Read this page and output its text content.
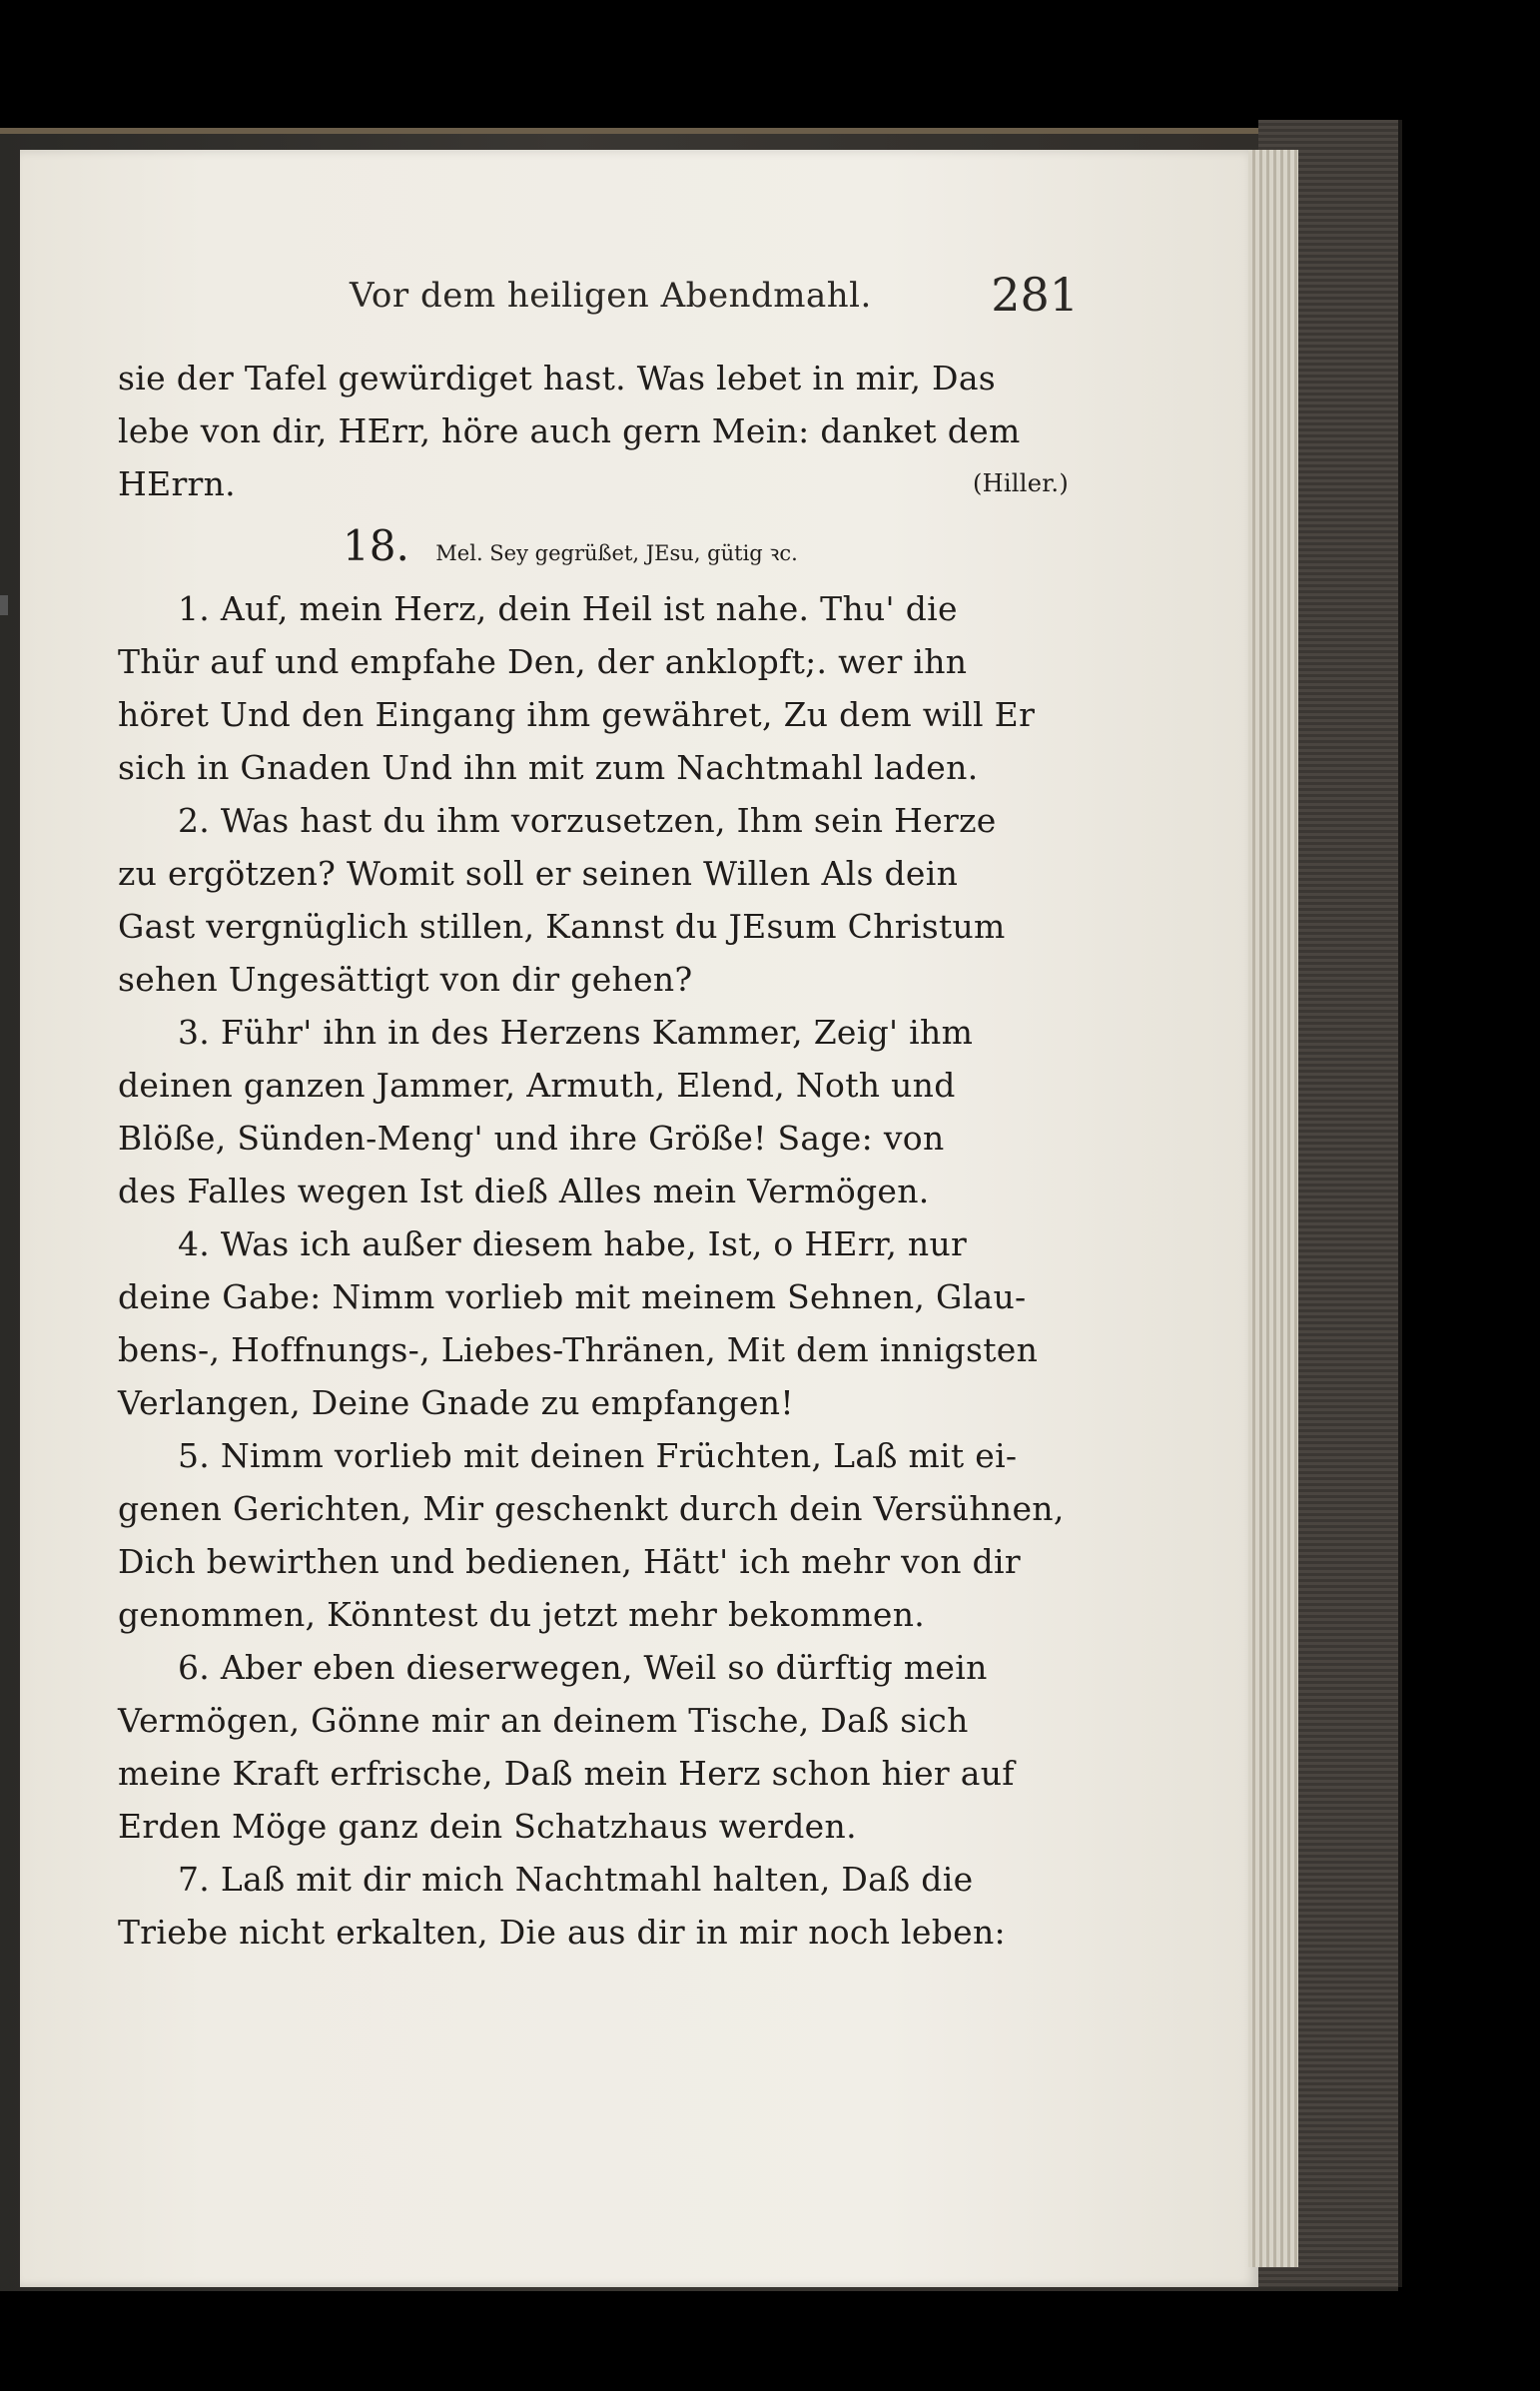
Vor dem heiligen Abendmahl.	281
sie der Tafel gewürdiget hast. Was lebet in mir, Das
lebe von dir, HErr, höre auch gern Mein: danket dem
HErrn.	(Hiller.)
18. Mel. Sey gegrüßet, JEsu, gütig ꝛc.
1. Auf, mein Herz, dein Heil ist nahe. Thu' die
Thür auf und empfahe Den, der anklopft;. wer ihn
höret Und den Eingang ihm gewähret, Zu dem will Er
sich in Gnaden Und ihn mit zum Nachtmahl laden.
2. Was hast du ihm vorzusetzen, Ihm sein Herze
zu ergötzen? Womit soll er seinen Willen Als dein
Gast vergnüglich stillen, Kannst du JEsum Christum
sehen Ungesättigt von dir gehen?
3. Führ' ihn in des Herzens Kammer, Zeig' ihm
deinen ganzen Jammer, Armuth, Elend, Noth und
Blöße, Sünden-Meng' und ihre Größe! Sage: von
des Falles wegen Ist dieß Alles mein Vermögen.
4. Was ich außer diesem habe, Ist, o HErr, nur
deine Gabe: Nimm vorlieb mit meinem Sehnen, Glau-
bens-, Hoffnungs-, Liebes-Thränen, Mit dem innigsten
Verlangen, Deine Gnade zu empfangen!
5. Nimm vorlieb mit deinen Früchten, Laß mit ei-
genen Gerichten, Mir geschenkt durch dein Versühnen,
Dich bewirthen und bedienen, Hätt' ich mehr von dir
genommen, Könntest du jetzt mehr bekommen.
6. Aber eben dieserwegen, Weil so dürftig mein
Vermögen, Gönne mir an deinem Tische, Daß sich
meine Kraft erfrische, Daß mein Herz schon hier auf
Erden Möge ganz dein Schatzhaus werden.
7. Laß mit dir mich Nachtmahl halten, Daß die
Triebe nicht erkalten, Die aus dir in mir noch leben:
